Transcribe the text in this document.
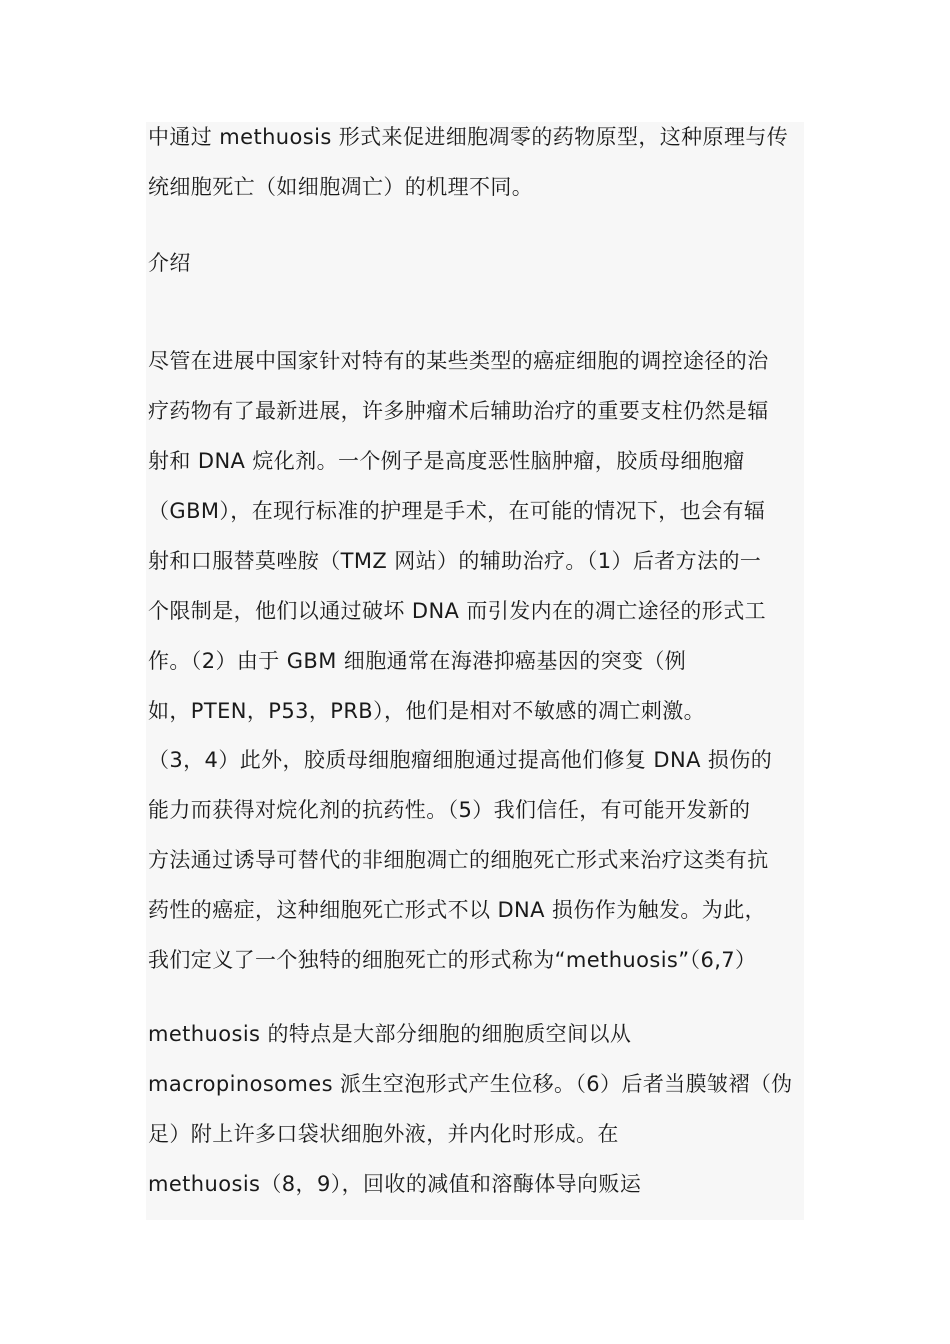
中通过 methuosis 形式来促进细胞凋零的药物原型，这种原理与传
统细胞死亡（如细胞凋亡）的机理不同。
介绍
尽管在进展中国家针对特有的某些类型的癌症细胞的调控途径的治
疗药物有了最新进展，许多肿瘤术后辅助治疗的重要支柱仍然是辐
射和 DNA 烷化剂。一个例子是高度恶性脑肿瘤，胶质母细胞瘤
（GBM），在现行标准的护理是手术，在可能的情况下，也会有辐
射和口服替莫唑胺（TMZ 网站）的辅助治疗。（1）后者方法的一
个限制是，他们以通过破坏 DNA 而引发内在的凋亡途径的形式工
作。（2）由于 GBM 细胞通常在海港抑癌基因的突变（例
如，PTEN，P53，PRB），他们是相对不敏感的凋亡刺激。
（3，4）此外，胶质母细胞瘤细胞通过提高他们修复 DNA 损伤的
能力而获得对烷化剂的抗药性。（5）我们信任，有可能开发新的
方法通过诱导可替代的非细胞凋亡的细胞死亡形式来治疗这类有抗
药性的癌症，这种细胞死亡形式不以 DNA 损伤作为触发。为此，
我们定义了一个独特的细胞死亡的形式称为“methuosis”（6,7）
methuosis 的特点是大部分细胞的细胞质空间以从
macropinosomes 派生空泡形式产生位移。（6）后者当膜皱褶（伪
足）附上许多口袋状细胞外液，并内化时形成。在
methuosis（8，9），回收的减值和溶酶体导向贩运
